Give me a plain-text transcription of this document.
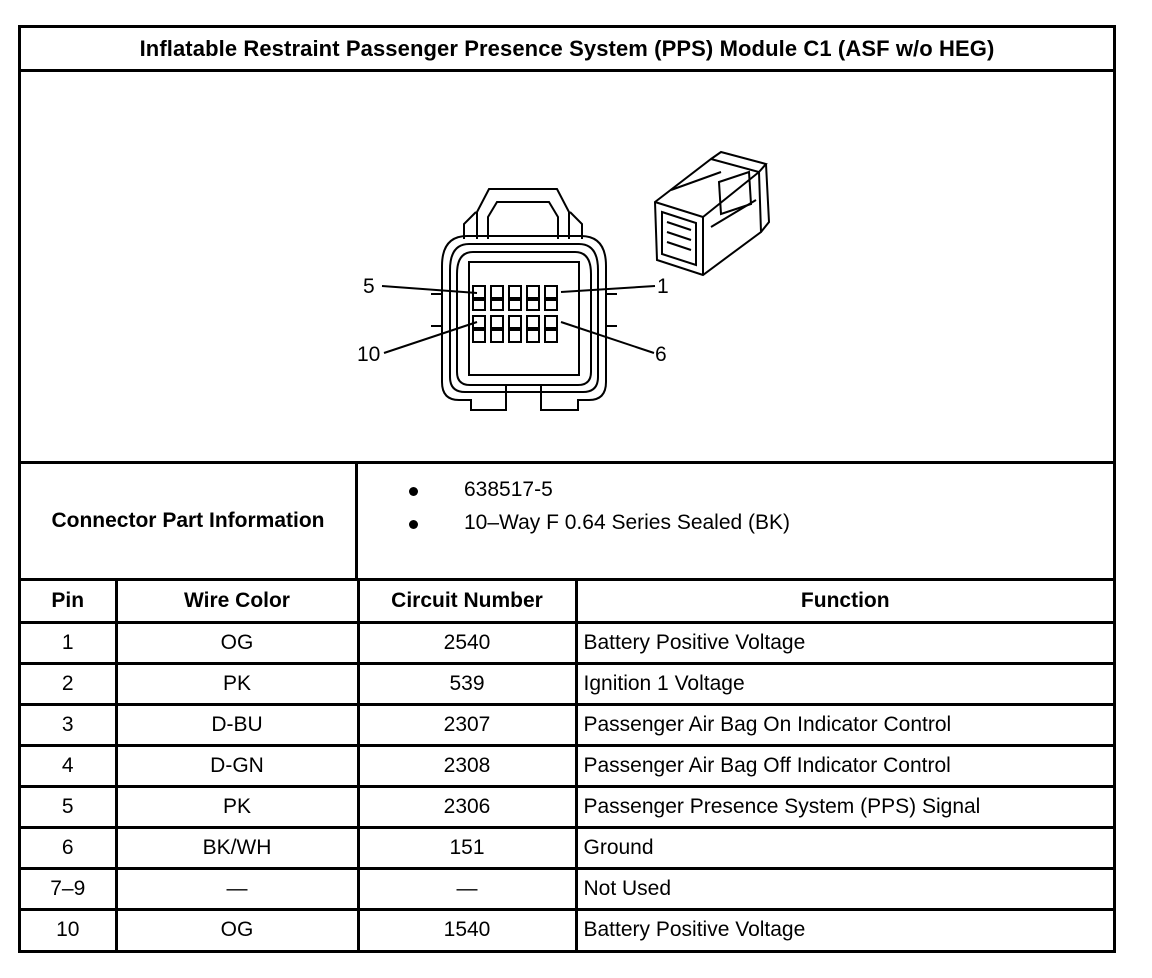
Inflatable Restraint Passenger Presence System (PPS) Module C1 (ASF w/o HEG)
5	1
10	6
Connector Part Information
638517-5
10–Way F 0.64 Series Sealed (BK)
Pin	Wire Color	Circuit Number	Function
1	OG	2540	Battery Positive Voltage
2	PK	539	Ignition 1 Voltage
3	D-BU	2307	Passenger Air Bag On Indicator Control
4	D-GN	2308	Passenger Air Bag Off Indicator Control
5	PK	2306	Passenger Presence System (PPS) Signal
6	BK/WH	151	Ground
7–9	—	—	Not Used
10	OG	1540	Battery Positive Voltage
